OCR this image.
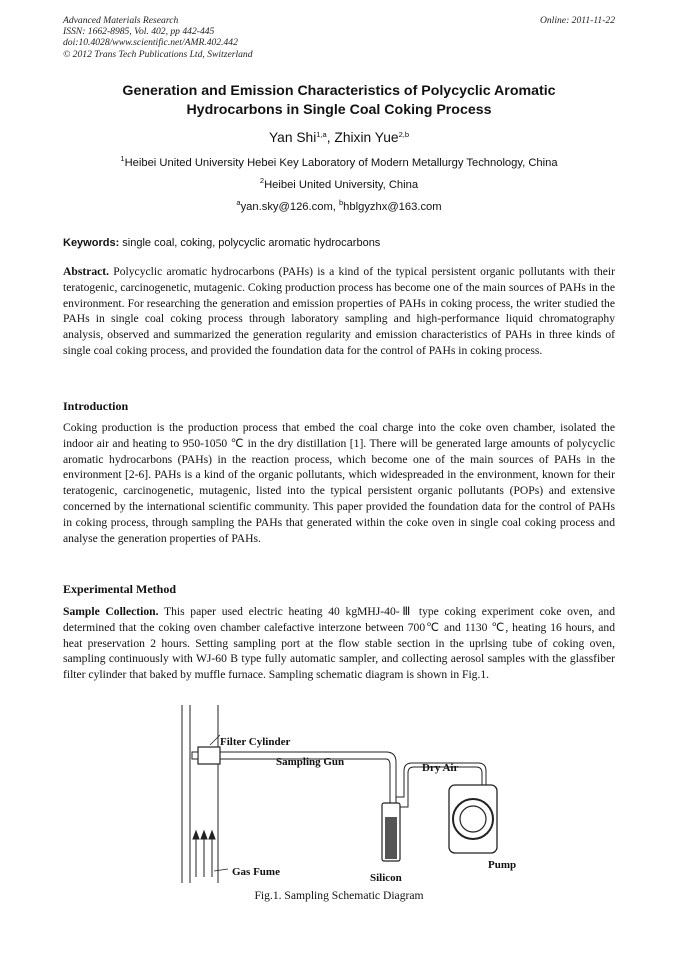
Advanced Materials Research
ISSN: 1662-8985, Vol. 402, pp 442-445
doi:10.4028/www.scientific.net/AMR.402.442
© 2012 Trans Tech Publications Ltd, Switzerland
Online: 2011-11-22
Generation and Emission Characteristics of Polycyclic Aromatic
Hydrocarbons in Single Coal Coking Process
Yan Shi$^{1,a}$, Zhixin Yue$^{2,b}$
$^1$Heibei United University Hebei Key Laboratory of Modern Metallurgy Technology, China
$^2$Heibei United University, China
$^a$yan.sky@126.com, $^b$hblgyzhx@163.com
Keywords: single coal, coking, polycyclic aromatic hydrocarbons
Abstract. Polycyclic aromatic hydrocarbons (PAHs) is a kind of the typical persistent organic pollutants with their teratogenic, carcinogenetic, mutagenic. Coking production process has become one of the main sources of PAHs in the environment. For researching the generation and emission properties of PAHs in coking process, the writer studied the PAHs in single coal coking process through laboratory sampling and high-performance liquid chromatography analysis, observed and summarized the generation regularity and emission characteristics of PAHs in three kinds of single coal coking process, and provided the foundation data for the control of PAHs in coking process.
Introduction
Coking production is the production process that embed the coal charge into the coke oven chamber, isolated the indoor air and heating to 950-1050 ℃ in the dry distillation [1]. There will be generated large amounts of polycyclic aromatic hydrocarbons (PAHs) in the reaction process, which become one of the main sources of PAHs in the environment [2-6]. PAHs is a kind of the organic pollutants, which widespreaded in the environment, known for their teratogenic, carcinogenetic, mutagenic, listed into the typical persistent organic pollutants (POPs) and extensive concerned by the international scientific community. This paper provided the foundation data for the control of PAHs in coking process, through sampling the PAHs that generated within the coke oven in single coal coking process and analyse the generation properties of PAHs.
Experimental Method
Sample Collection. This paper used electric heating 40 kgMHJ-40-Ⅲ type coking experiment coke oven, and determined that the coking oven chamber calefactive interzone between 700℃ and 1130 ℃, heating 16 hours, and heat preservation 2 hours. Setting sampling port at the flow stable section in the uprlsing tube of coking oven, sampling continuously with WJ-60 B type fully automatic sampler, and collecting aerosol samples with the glassfiber filter cylinder that baked by muffle furnace. Sampling schematic diagram is shown in Fig.1.
Filter Cylinder
Sampling Gun	Dry Air
Pump
Gas Fume	Silicon
Fig.1. Sampling Schematic Diagram
